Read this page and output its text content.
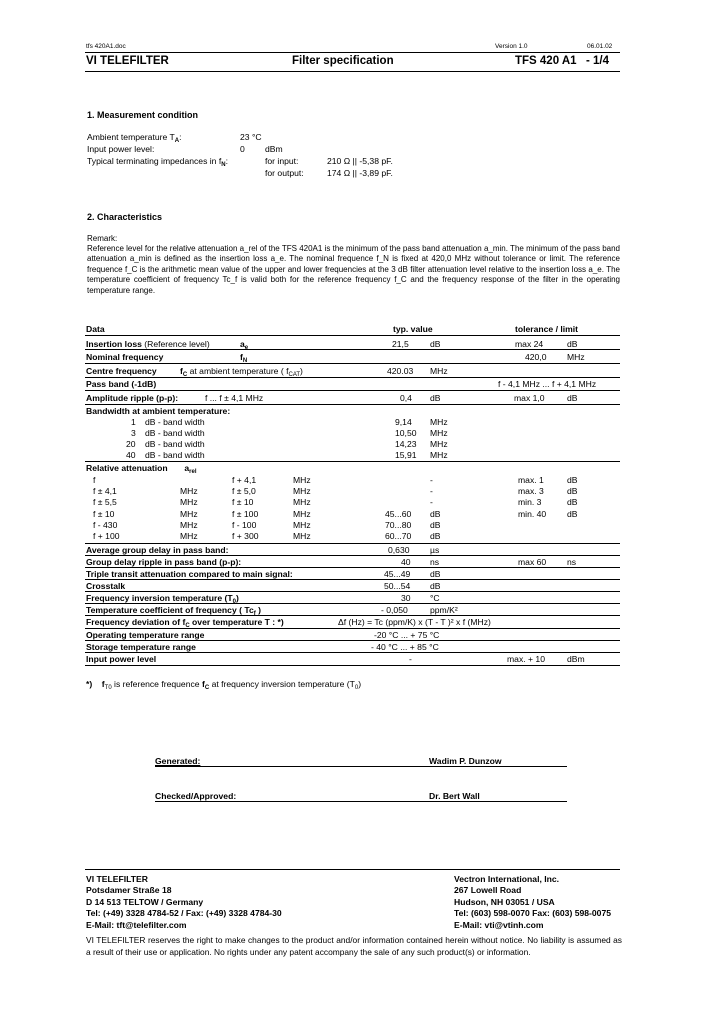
tfs 420A1.doc	Version 1.0	06.01.02
VI TELEFILTER	Filter specification	TFS 420 A1 - 1/4
1. Measurement condition
Ambient temperature $T_A$:	23 °C
Input power level:	0 dBm
Typical terminating impedances in $f_N$:	for input:	210 Ω || -5,38 pF.
for output:	174 Ω || -3,89 pF.
2. Characteristics
Remark:
Reference level for the relative attenuation a_rel of the TFS 420A1 is the minimum of the pass band attenuation a_min. The minimum of the pass band attenuation a_min is defined as the insertion loss a_e. The nominal frequence f_N is fixed at 420,0 MHz without tolerance or limit. The reference frequence f_C is the arithmetic mean value of the upper and lower frequencies at the 3 dB filter attenuation level relative to the insertion loss a_e. The temperature coefficient of frequency Tc_f is valid both for the reference frequency f_C and the frequency response of the filter in the operating temperature range.
Data	typ. value	tolerance / limit
Insertion loss (Reference level)	$a_e$	21,5 dB	max 24	dB
Nominal frequency	$f_N$	420,0 MHz
Centre frequency	$f_C$ at ambient temperature ( $f_{CAT}$)	420.03 MHz
Pass band (-1dB)	f - 4,1 MHz ... f + 4,1 MHz
Amplitude ripple (p-p):	f ... f ± 4,1 MHz	0,4 dB	max 1,0	dB
Bandwidth at ambient temperature:
1 dB - band width	9,14 MHz
3 dB - band width	10,50 MHz
20 dB - band width	14,23 MHz
40 dB - band width	15,91 MHz
Relative attenuation $a_{rel}$
f	f + 4,1	MHz	-	max. 1	dB
f ± 4,1	MHz	f ± 5,0	MHz	-	max. 3	dB
f ± 5,5	MHz	f ± 10	MHz	-	min. 3	dB
f ± 10	MHz	f ± 100	MHz	45...60 dB	min. 40 dB
f - 430	MHz	f - 100	MHz	70...80 dB
f + 100	MHz	f + 300	MHz	60...70 dB
Average group delay in pass band:	0,630 µs
Group delay ripple in pass band (p-p):	40 ns	max 60 ns
Triple transit attenuation compared to main signal:	45...49 dB
Crosstalk	50...54 dB
Frequency inversion temperature $(T_0)$	30 °C
Temperature coefficient of frequency ( $Tc_f$ )	- 0,050	ppm/K²
Frequency deviation of $f_C$ over temperature T : *)	Δf (Hz) = Tc (ppm/K) x (T - T )² x f (MHz)
Operating temperature range	-20 °C ... + 75 °C
Storage temperature range	- 40 °C ... + 85 °C
Input power level	-	max. + 10	dBm
*) $f_{T0}$ is reference frequence $f_C$ at frequency inversion temperature $(T_0)$
Generated:	Wadim P. Dunzow
Checked/Approved:	Dr. Bert Wall
VI TELEFILTER
Potsdamer Straße 18
D 14 513 TELTOW / Germany
Tel: (+49) 3328 4784-52 / Fax: (+49) 3328 4784-30
E-Mail: tft@telefilter.com
Vectron International, Inc.
267 Lowell Road
Hudson, NH 03051 / USA
Tel: (603) 598-0070 Fax: (603) 598-0075
E-Mail: vti@vtinh.com
VI TELEFILTER reserves the right to make changes to the product and/or information contained herein without notice. No liability is assumed as a result of their use or application. No rights under any patent accompany the sale of any such product(s) or information.
